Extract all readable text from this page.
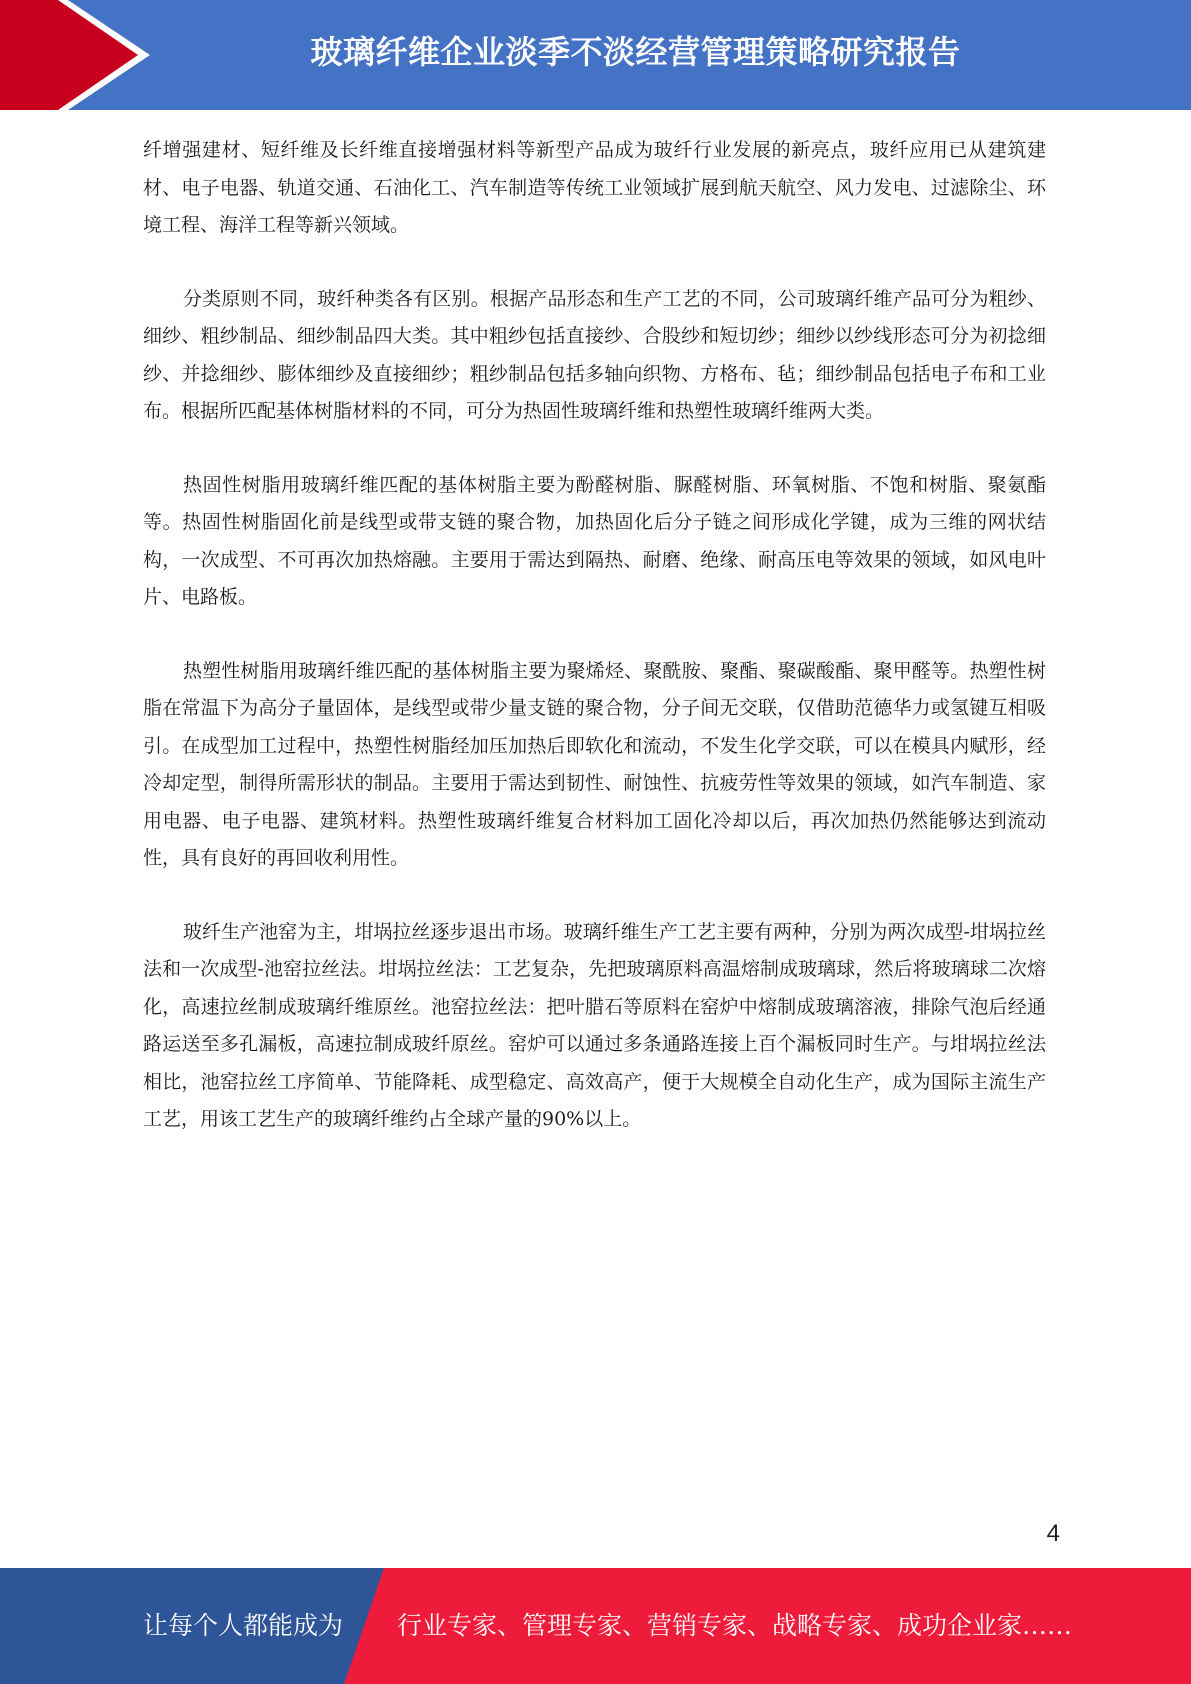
玻璃纤维企业淡季不淡经营管理策略研究报告

纤增强建材、短纤维及长纤维直接增强材料等新型产品成为玻纤行业发展的新亮点，玻纤应用已从建筑建材、电子电器、轨道交通、石油化工、汽车制造等传统工业领域扩展到航天航空、风力发电、过滤除尘、环境工程、海洋工程等新兴领域。

分类原则不同，玻纤种类各有区别。根据产品形态和生产工艺的不同，公司玻璃纤维产品可分为粗纱、细纱、粗纱制品、细纱制品四大类。其中粗纱包括直接纱、合股纱和短切纱；细纱以纱线形态可分为初捻细纱、并捻细纱、膨体细纱及直接细纱；粗纱制品包括多轴向织物、方格布、毡；细纱制品包括电子布和工业布。根据所匹配基体树脂材料的不同，可分为热固性玻璃纤维和热塑性玻璃纤维两大类。

热固性树脂用玻璃纤维匹配的基体树脂主要为酚醛树脂、脲醛树脂、环氧树脂、不饱和树脂、聚氨酯等。热固性树脂固化前是线型或带支链的聚合物，加热固化后分子链之间形成化学键，成为三维的网状结构，一次成型、不可再次加热熔融。主要用于需达到隔热、耐磨、绝缘、耐高压电等效果的领域，如风电叶片、电路板。

热塑性树脂用玻璃纤维匹配的基体树脂主要为聚烯烃、聚酰胺、聚酯、聚碳酸酯、聚甲醛等。热塑性树脂在常温下为高分子量固体，是线型或带少量支链的聚合物，分子间无交联，仅借助范德华力或氢键互相吸引。在成型加工过程中，热塑性树脂经加压加热后即软化和流动，不发生化学交联，可以在模具内赋形，经冷却定型，制得所需形状的制品。主要用于需达到韧性、耐蚀性、抗疲劳性等效果的领域，如汽车制造、家用电器、电子电器、建筑材料。热塑性玻璃纤维复合材料加工固化冷却以后，再次加热仍然能够达到流动性，具有良好的再回收利用性。

玻纤生产池窑为主，坩埚拉丝逐步退出市场。玻璃纤维生产工艺主要有两种，分别为两次成型-坩埚拉丝法和一次成型-池窑拉丝法。坩埚拉丝法：工艺复杂，先把玻璃原料高温熔制成玻璃球，然后将玻璃球二次熔化，高速拉丝制成玻璃纤维原丝。池窑拉丝法：把叶腊石等原料在窑炉中熔制成玻璃溶液，排除气泡后经通路运送至多孔漏板，高速拉制成玻纤原丝。窑炉可以通过多条通路连接上百个漏板同时生产。与坩埚拉丝法相比，池窑拉丝工序简单、节能降耗、成型稳定、高效高产，便于大规模全自动化生产，成为国际主流生产工艺，用该工艺生产的玻璃纤维约占全球产量的90%以上。

4
让每个人都能成为 行业专家、管理专家、营销专家、战略专家、成功企业家……
